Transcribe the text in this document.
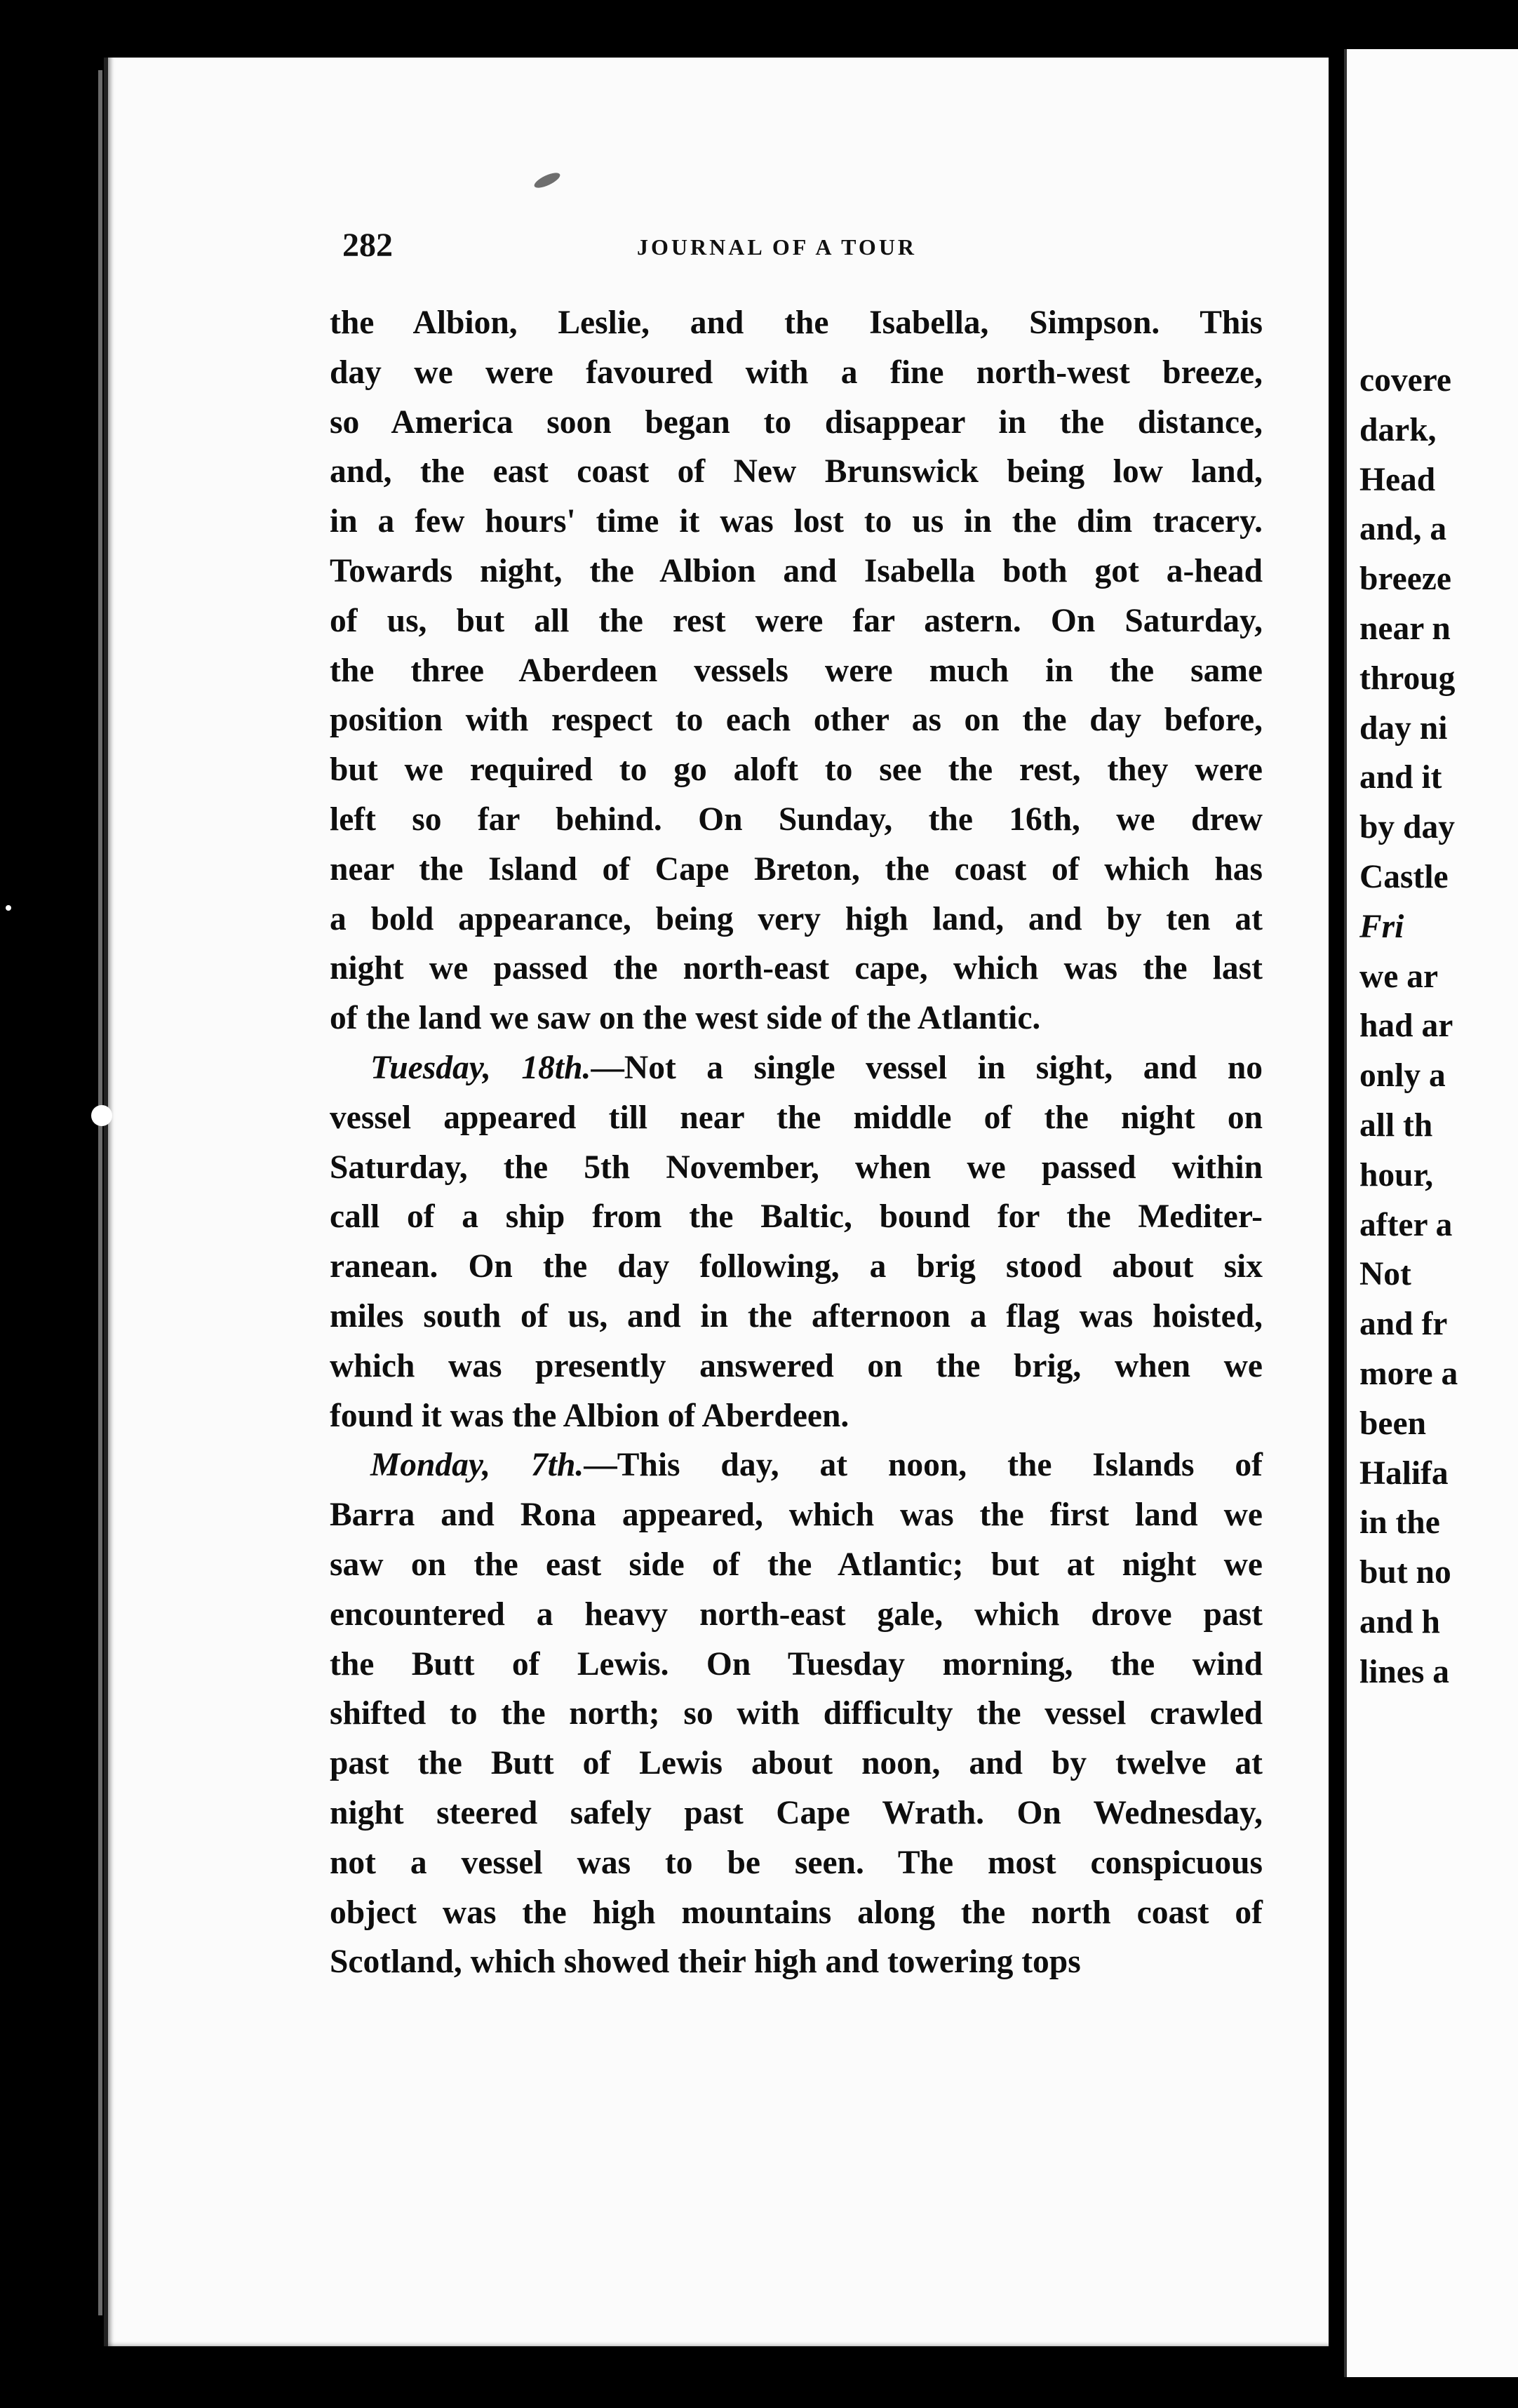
282	JOURNAL OF A TOUR
the Albion, Leslie, and the Isabella, Simpson. This
day we were favoured with a fine north-west breeze,
so America soon began to disappear in the distance,
and, the east coast of New Brunswick being low land,
in a few hours' time it was lost to us in the dim tracery.
Towards night, the Albion and Isabella both got a-head
of us, but all the rest were far astern. On Saturday,
the three Aberdeen vessels were much in the same
position with respect to each other as on the day before,
but we required to go aloft to see the rest, they were
left so far behind. On Sunday, the 16th, we drew
near the Island of Cape Breton, the coast of which has
a bold appearance, being very high land, and by ten at
night we passed the north-east cape, which was the last
of the land we saw on the west side of the Atlantic.
Tuesday, 18th.—Not a single vessel in sight, and no
vessel appeared till near the middle of the night on
Saturday, the 5th November, when we passed within
call of a ship from the Baltic, bound for the Mediter-
ranean. On the day following, a brig stood about six
miles south of us, and in the afternoon a flag was hoisted,
which was presently answered on the brig, when we
found it was the Albion of Aberdeen.
Monday, 7th.—This day, at noon, the Islands of
Barra and Rona appeared, which was the first land we
saw on the east side of the Atlantic; but at night we
encountered a heavy north-east gale, which drove past
the Butt of Lewis. On Tuesday morning, the wind
shifted to the north; so with difficulty the vessel crawled
past the Butt of Lewis about noon, and by twelve at
night steered safely past Cape Wrath. On Wednesday,
not a vessel was to be seen. The most conspicuous
object was the high mountains along the north coast of
Scotland, which showed their high and towering tops
covere
dark,
Head
and, a
breeze
near n
throug
day ni
and it
by day
Castle
Fri
we ar
had ar
only a
all th
hour,
after a
Not
and fr
more a
been
Halifa
in the
but no
and h
lines a
